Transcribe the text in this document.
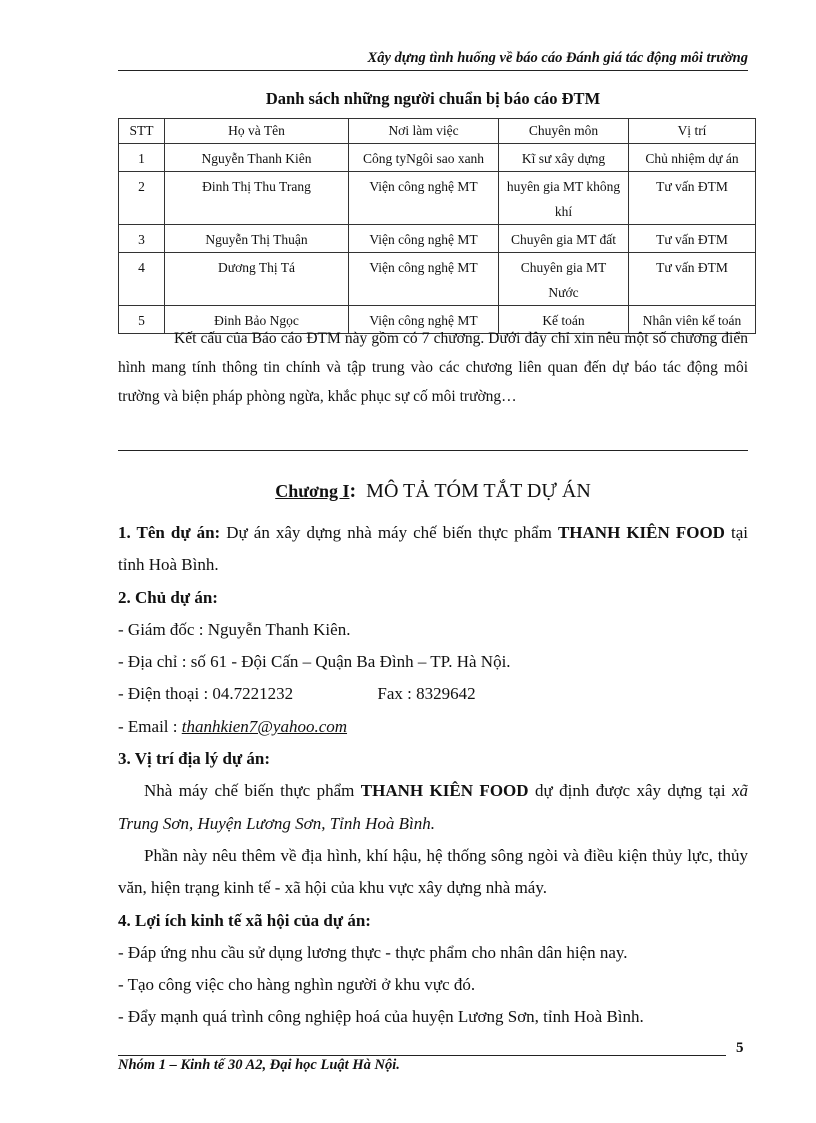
Xây dựng tình huống về báo cáo Đánh giá tác động môi trường
Danh sách những người chuẩn bị báo cáo ĐTM
STT	Họ và Tên	Nơi làm việc	Chuyên môn	Vị trí
1	Nguyễn Thanh Kiên	Công tyNgôi sao xanh	Kĩ sư xây dựng	Chủ nhiệm dự án
2	Đinh Thị Thu Trang	Viện công nghệ MT	huyên gia MT không khí	Tư vấn ĐTM
3	Nguyễn Thị Thuận	Viện công nghệ MT	Chuyên gia MT đất	Tư vấn ĐTM
4	Dương Thị Tá	Viện công nghệ MT	Chuyên gia MT Nước	Tư vấn ĐTM
5	Đinh Bảo Ngọc	Viện công nghệ MT	Kế toán	Nhân viên kế toán

Kết cấu của Báo cáo ĐTM này gồm có 7 chương. Dưới đây chỉ xin nêu một số chương điển hình mang tính thông tin chính và tập trung vào các chương liên quan đến dự báo tác động môi trường và biện pháp phòng ngừa, khắc phục sự cố môi trường…

Chương I: MÔ TẢ TÓM TẮT DỰ ÁN

1. Tên dự án: Dự án xây dựng nhà máy chế biến thực phẩm THANH KIÊN FOOD tại tỉnh Hoà Bình.

2. Chủ dự án:

- Giám đốc : Nguyễn Thanh Kiên.

- Địa chỉ : số 61 - Đội Cấn – Quận Ba Đình – TP. Hà Nội.

- Điện thoại : 04.7221232	Fax : 8329642

- Email : thanhkien7@yahoo.com

3. Vị trí địa lý dự án:

Nhà máy chế biến thực phẩm THANH KIÊN FOOD dự định được xây dựng tại xã Trung Sơn, Huyện Lương Sơn, Tỉnh Hoà Bình.

Phần này nêu thêm về địa hình, khí hậu, hệ thống sông ngòi và điều kiện thủy lực, thủy văn, hiện trạng kinh tế - xã hội của khu vực xây dựng nhà máy.

4. Lợi ích kinh tế xã hội của dự án:

- Đáp ứng nhu cầu sử dụng lương thực - thực phẩm cho nhân dân hiện nay.

- Tạo công việc cho hàng nghìn người ở khu vực đó.

- Đẩy mạnh quá trình công nghiệp hoá của huyện Lương Sơn, tỉnh Hoà Bình.

5
Nhóm 1 – Kinh tế 30 A2, Đại học Luật Hà Nội.
